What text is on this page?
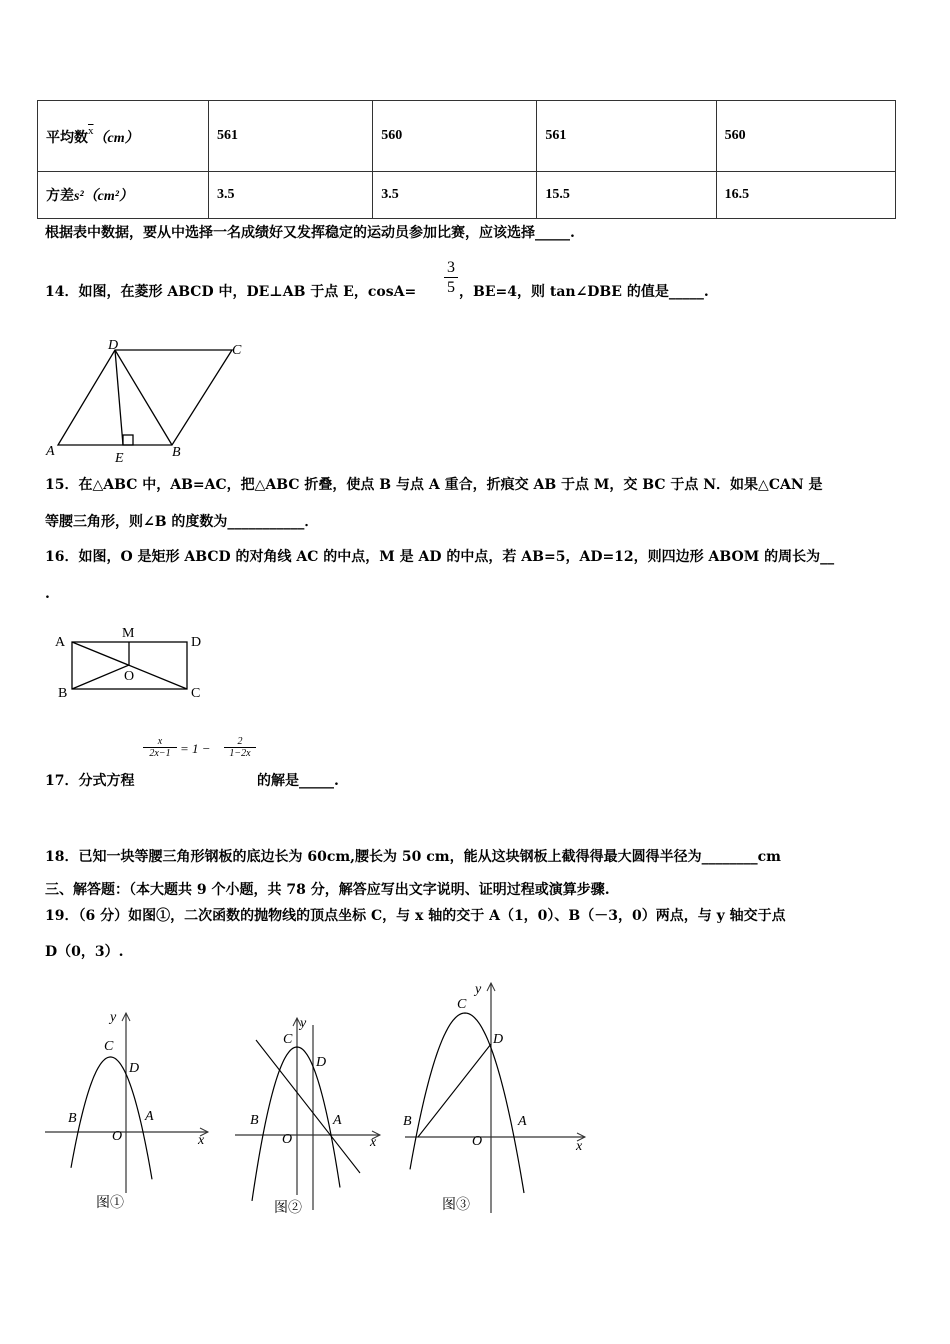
平均数$^{\overline{x}}$（cm）	561	560	561	560
方差s²（cm²）	3.5	3.5	15.5	16.5
根据表中数据，要从中选择一名成绩好又发挥稳定的运动员参加比赛，应该选择_____.
14．如图，在菱形 ABCD 中，DE⊥AB 于点 E，$\cos A= \frac{3}{5}$ ，BE=4，则 tan∠DBE 的值是_____.
D	C
A	E	B
A
M
D
O
B	C
B	A
C
D
O	x
y
B	A
C
D
O	x
y
B	A
C
D
O	x
y
15．在△ABC 中，AB=AC，把△ABC 折叠，使点 B 与点 A 重合，折痕交 AB 于点 M，交 BC 于点 N．如果△CAN 是
等腰三角形，则∠B 的度数为___________．
16．如图，O 是矩形 ABCD 的对角线 AC 的中点，M 是 AD 的中点，若 AB=5，AD=12，则四边形 ABOM 的周长为__
.
$\frac{x}{2x-1} = 1 - \frac{2}{1-2x}$
17．分式方程	的解是_____.
18．已知一块等腰三角形钢板的底边长为 60cm,腰长为 50 cm，能从这块钢板上截得得最大圆得半径为________cm
三、解答题：（本大题共 9 个小题，共 78 分，解答应写出文字说明、证明过程或演算步骤.
19．（6 分）如图①，二次函数的抛物线的顶点坐标 C，与 x 轴的交于 A（1，0）、B（－3，0）两点，与 y 轴交于点
D（0，3）.
图①	图②	图③
